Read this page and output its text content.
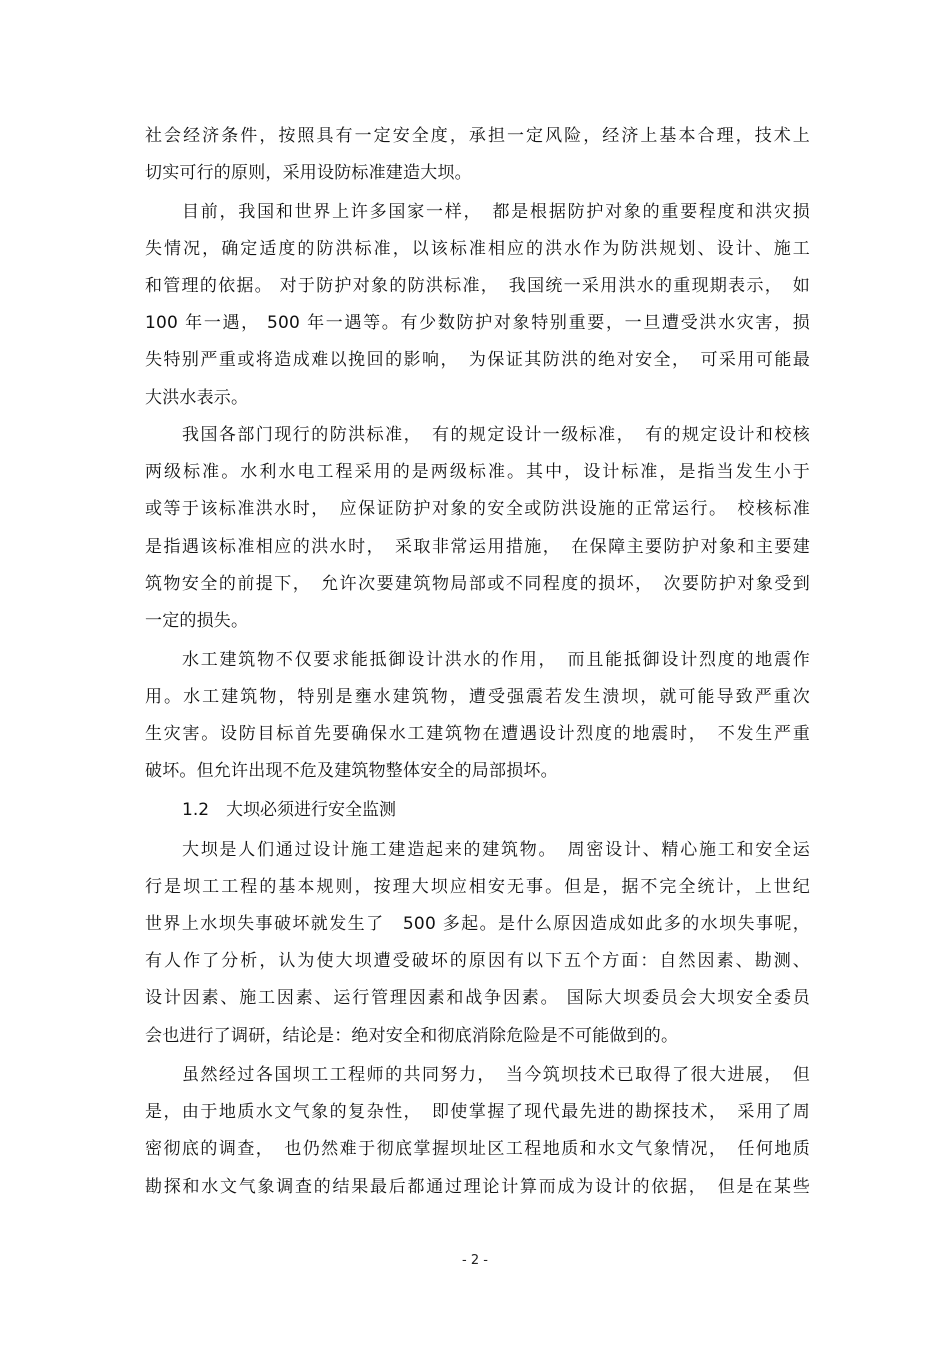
社会经济条件，按照具有一定安全度，承担一定风险，经济上基本合理，技术上
切实可行的原则，采用设防标准建造大坝。
目前，我国和世界上许多国家一样，　都是根据防护对象的重要程度和洪灾损
失情况，确定适度的防洪标准，以该标准相应的洪水作为防洪规划、设计、施工
和管理的依据。 对于防护对象的防洪标准，　我国统一采用洪水的重现期表示，　如
100 年一遇， 500 年一遇等。有少数防护对象特别重要，一旦遭受洪水灾害，损
失特别严重或将造成难以挽回的影响，　为保证其防洪的绝对安全，　可采用可能最
大洪水表示。
我国各部门现行的防洪标准，　有的规定设计一级标准，　有的规定设计和校核
两级标准。水利水电工程采用的是两级标准。其中，设计标准，是指当发生小于
或等于该标准洪水时，　应保证防护对象的安全或防洪设施的正常运行。　校核标准
是指遇该标准相应的洪水时，　采取非常运用措施，　在保障主要防护对象和主要建
筑物安全的前提下，　允许次要建筑物局部或不同程度的损坏，　次要防护对象受到
一定的损失。
水工建筑物不仅要求能抵御设计洪水的作用，　而且能抵御设计烈度的地震作
用。水工建筑物，特别是壅水建筑物，遭受强震若发生溃坝，就可能导致严重次
生灾害。设防目标首先要确保水工建筑物在遭遇设计烈度的地震时，　不发生严重
破坏。但允许出现不危及建筑物整体安全的局部损坏。
1.2　大坝必须进行安全监测
大坝是人们通过设计施工建造起来的建筑物。　周密设计、精心施工和安全运
行是坝工工程的基本规则，按理大坝应相安无事。但是，据不完全统计，上世纪
世界上水坝失事破坏就发生了　500 多起。是什么原因造成如此多的水坝失事呢，
有人作了分析，认为使大坝遭受破坏的原因有以下五个方面：自然因素、勘测、
设计因素、施工因素、运行管理因素和战争因素。 国际大坝委员会大坝安全委员
会也进行了调研，结论是：绝对安全和彻底消除危险是不可能做到的。
虽然经过各国坝工工程师的共同努力，　当今筑坝技术已取得了很大进展，　但
是，由于地质水文气象的复杂性，　即使掌握了现代最先进的勘探技术，　采用了周
密彻底的调查，　也仍然难于彻底掌握坝址区工程地质和水文气象情况，　任何地质
勘探和水文气象调查的结果最后都通过理论计算而成为设计的依据，　但是在某些
- 2 -
